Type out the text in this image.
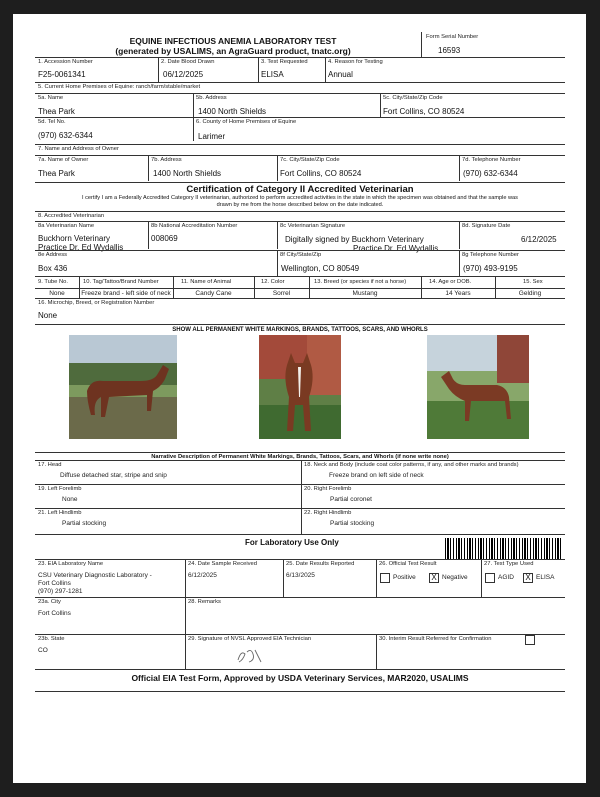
EQUINE INFECTIOUS ANEMIA LABORATORY TEST
(generated by USALIMS, an AgraGuard product, tnatc.org)
Form Serial Number
16593
1. Accession Number
F25-0061341
2. Date Blood Drawn
06/12/2025
3. Test Requested
ELISA
4. Reason for Testing
Annual
5. Current Home Premises of Equine: ranch/farm/stable/market
5a. Name
Thea Park
5b. Address
1400 North Shields
5c. City/State/Zip Code
Fort Collins, CO 80524
5d. Tel No.
(970) 632-6344
6. County of Home Premises of Equine
Larimer
7. Name and Address of Owner
7a. Name of Owner
Thea Park
7b. Address
1400 North Shields
7c. City/State/Zip Code
Fort Collins, CO 80524
7d. Telephone Number
(970) 632-6344
Certification of Category II Accredited Veterinarian
I certify I am a Federally Accredited Category II veterinarian, authorized to perform accredited activities in the state in which the specimen was obtained and that the sample was
drawn by me from the horse described below on the date indicated.
8. Accredited Veterinarian
8a Veterinarian Name
Buckhorn Veterinary
Practice Dr. Ed Wydallis
8b National Accreditation Number
008069
8c Veterinarian Signature
Digitally signed by Buckhorn Veterinary
Practice Dr. Ed Wydallis
8d. Signature Date
6/12/2025
8e Address
Box 436
8f City/State/Zip
Wellington, CO 80549
8g Telephone Number
(970) 493-9195
9. Tube No.
None
10. Tag/Tattoo/Brand Number
Freeze brand - left side of neck
11. Name of Animal
Candy Cane
12. Color
Sorrel
13. Breed (or species if not a horse)
Mustang
14. Age or DOB.
14 Years
15. Sex
Gelding
16. Microchip, Breed, or Registration Number
None
SHOW ALL PERMANENT WHITE MARKINGS, BRANDS, TATTOOS, SCARS, AND WHORLS
Narrative Description of Permanent White Markings, Brands, Tattoos, Scars, and Whorls (if none write none)
17. Head
Diffuse detached star, stripe and snip
18. Neck and Body (include coat color patterns, if any, and other marks and brands)
Freeze brand on left side of neck
19. Left Forelimb
None
20. Right Forelimb
Partial coronet
21. Left Hindlimb
Partial stocking
22. Right Hindlimb
Partial stocking
For Laboratory Use Only
23. EIA Laboratory Name
CSU Veterinary Diagnostic Laboratory -
Fort Collins
(970) 297-1281
24. Date Sample Received
6/12/2025
25. Date Results Reported
6/13/2025
26. Official Test Result
Positive X Negative
27. Test Type Used
AGID X ELISA
23a. City
Fort Collins
28. Remarks
23b. State
CO
29. Signature of NVSL Approved EIA Technician	30. Interim Result Referred for Confirmation
Official EIA Test Form, Approved by USDA Veterinary Services, MAR2020, USALIMS
